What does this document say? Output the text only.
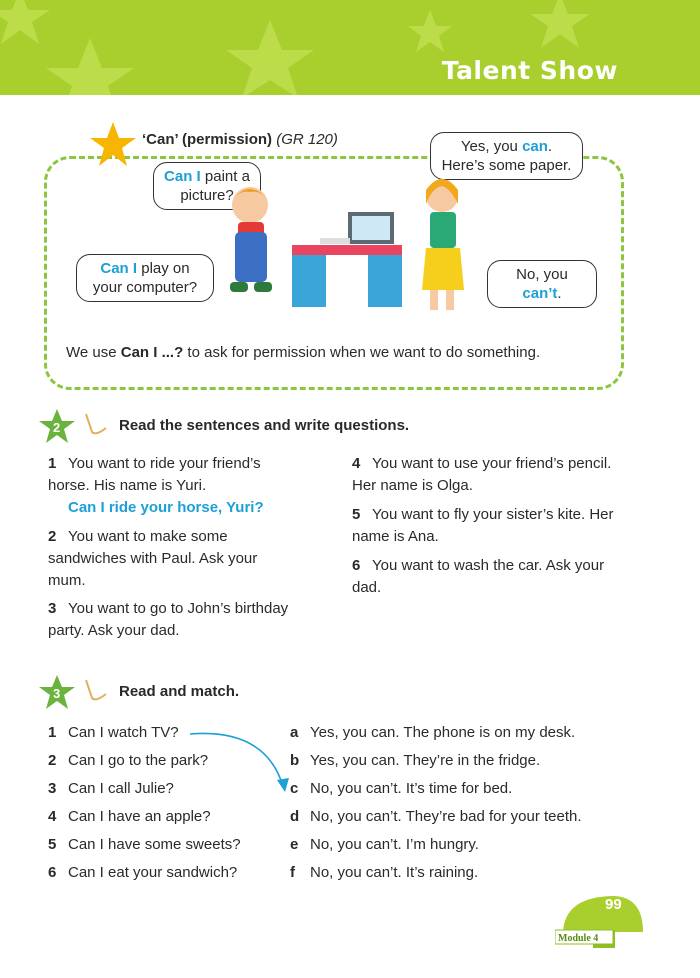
Talent Show
‘Can’ (permission) (GR 120)
Can I paint a picture?
Can I play on your computer?
Yes, you can. Here’s some paper.
No, you can’t.
We use Can I ...? to ask for permission when we want to do something.
2	Read the sentences and write questions.
1 You want to ride your friend’s horse. His name is Yuri.
Can I ride your horse, Yuri?
2 You want to make some sandwiches with Paul. Ask your mum.
3 You want to go to John’s birthday party. Ask your dad.
4 You want to use your friend’s pencil. Her name is Olga.
5 You want to fly your sister’s kite. Her name is Ana.
6 You want to wash the car. Ask your dad.
3	Read and match.
1 Can I watch TV?
2 Can I go to the park?
3 Can I call Julie?
4 Can I have an apple?
5 Can I have some sweets?
6 Can I eat your sandwich?
a Yes, you can. The phone is on my desk.
b Yes, you can. They’re in the fridge.
c No, you can’t. It’s time for bed.
d No, you can’t. They’re bad for your teeth.
e No, you can’t. I’m hungry.
f No, you can’t. It’s raining.
99
Module 4
